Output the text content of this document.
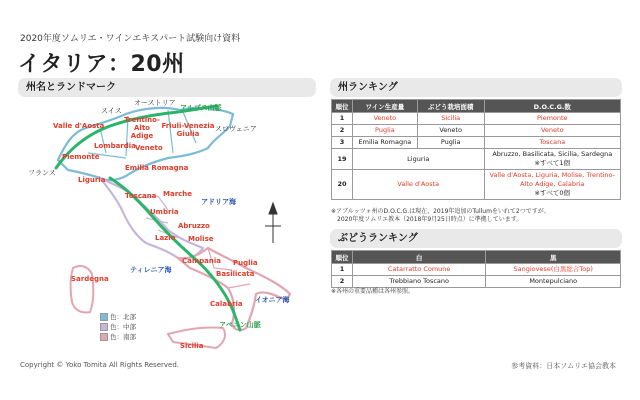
2020年度ソムリエ・ワインエキスパート試験向け資料
イタリア：20州
州名とランドマーク
スイス
オーストリア
スロヴェニア
フランス
アルプス山脈
アペニン山脈
アドリア海
ティレニア海
イオニア海
Valle d'Aosta
Piemonte
Lombardia
Trentino-Alto Adige
Friuli-Venezia Giulia
Veneto
Liguria
Emilia Romagna
Toscana Marche
Umbria
Lazio
Abruzzo
Molise
Campania Puglia
Basilicata
Calabria
Sicilia
Sardegna
色：北部
色：中部
色：南部
州ランキング
順位	ワイン生産量	ぶどう栽培面積	D.O.C.G.数
1	Veneto	Sicilia	Piemonte
2	Puglia	Veneto	Veneto
3	Emilia Romagna	Puglia	Toscana
19	Liguria		Abruzzo, Basilicata, Sicilia, Sardegna
※すべて1個

20	Valle d'Aosta		Valle d'Aosta, Liguria, Molise, Trentino-Alto Adige, Calabria
※すべて0個
※アブルッツォ州のD.O.C.G.は現在、2019年追加のTullumをいれて2つですが、
2020年度ソムリエ教本（2018年9月25日時点）に準拠しています。
ぶどうランキング
順位	白	黒
1	Catarratto Comune	Sangiovese(白黒総合Top)
2	Trebbiano Toscano	Montepulciano
※各州の重要品種は各州参照。
Copyright © Yoko Tomita All Rights Reserved.	参考資料：日本ソムリエ協会教本
